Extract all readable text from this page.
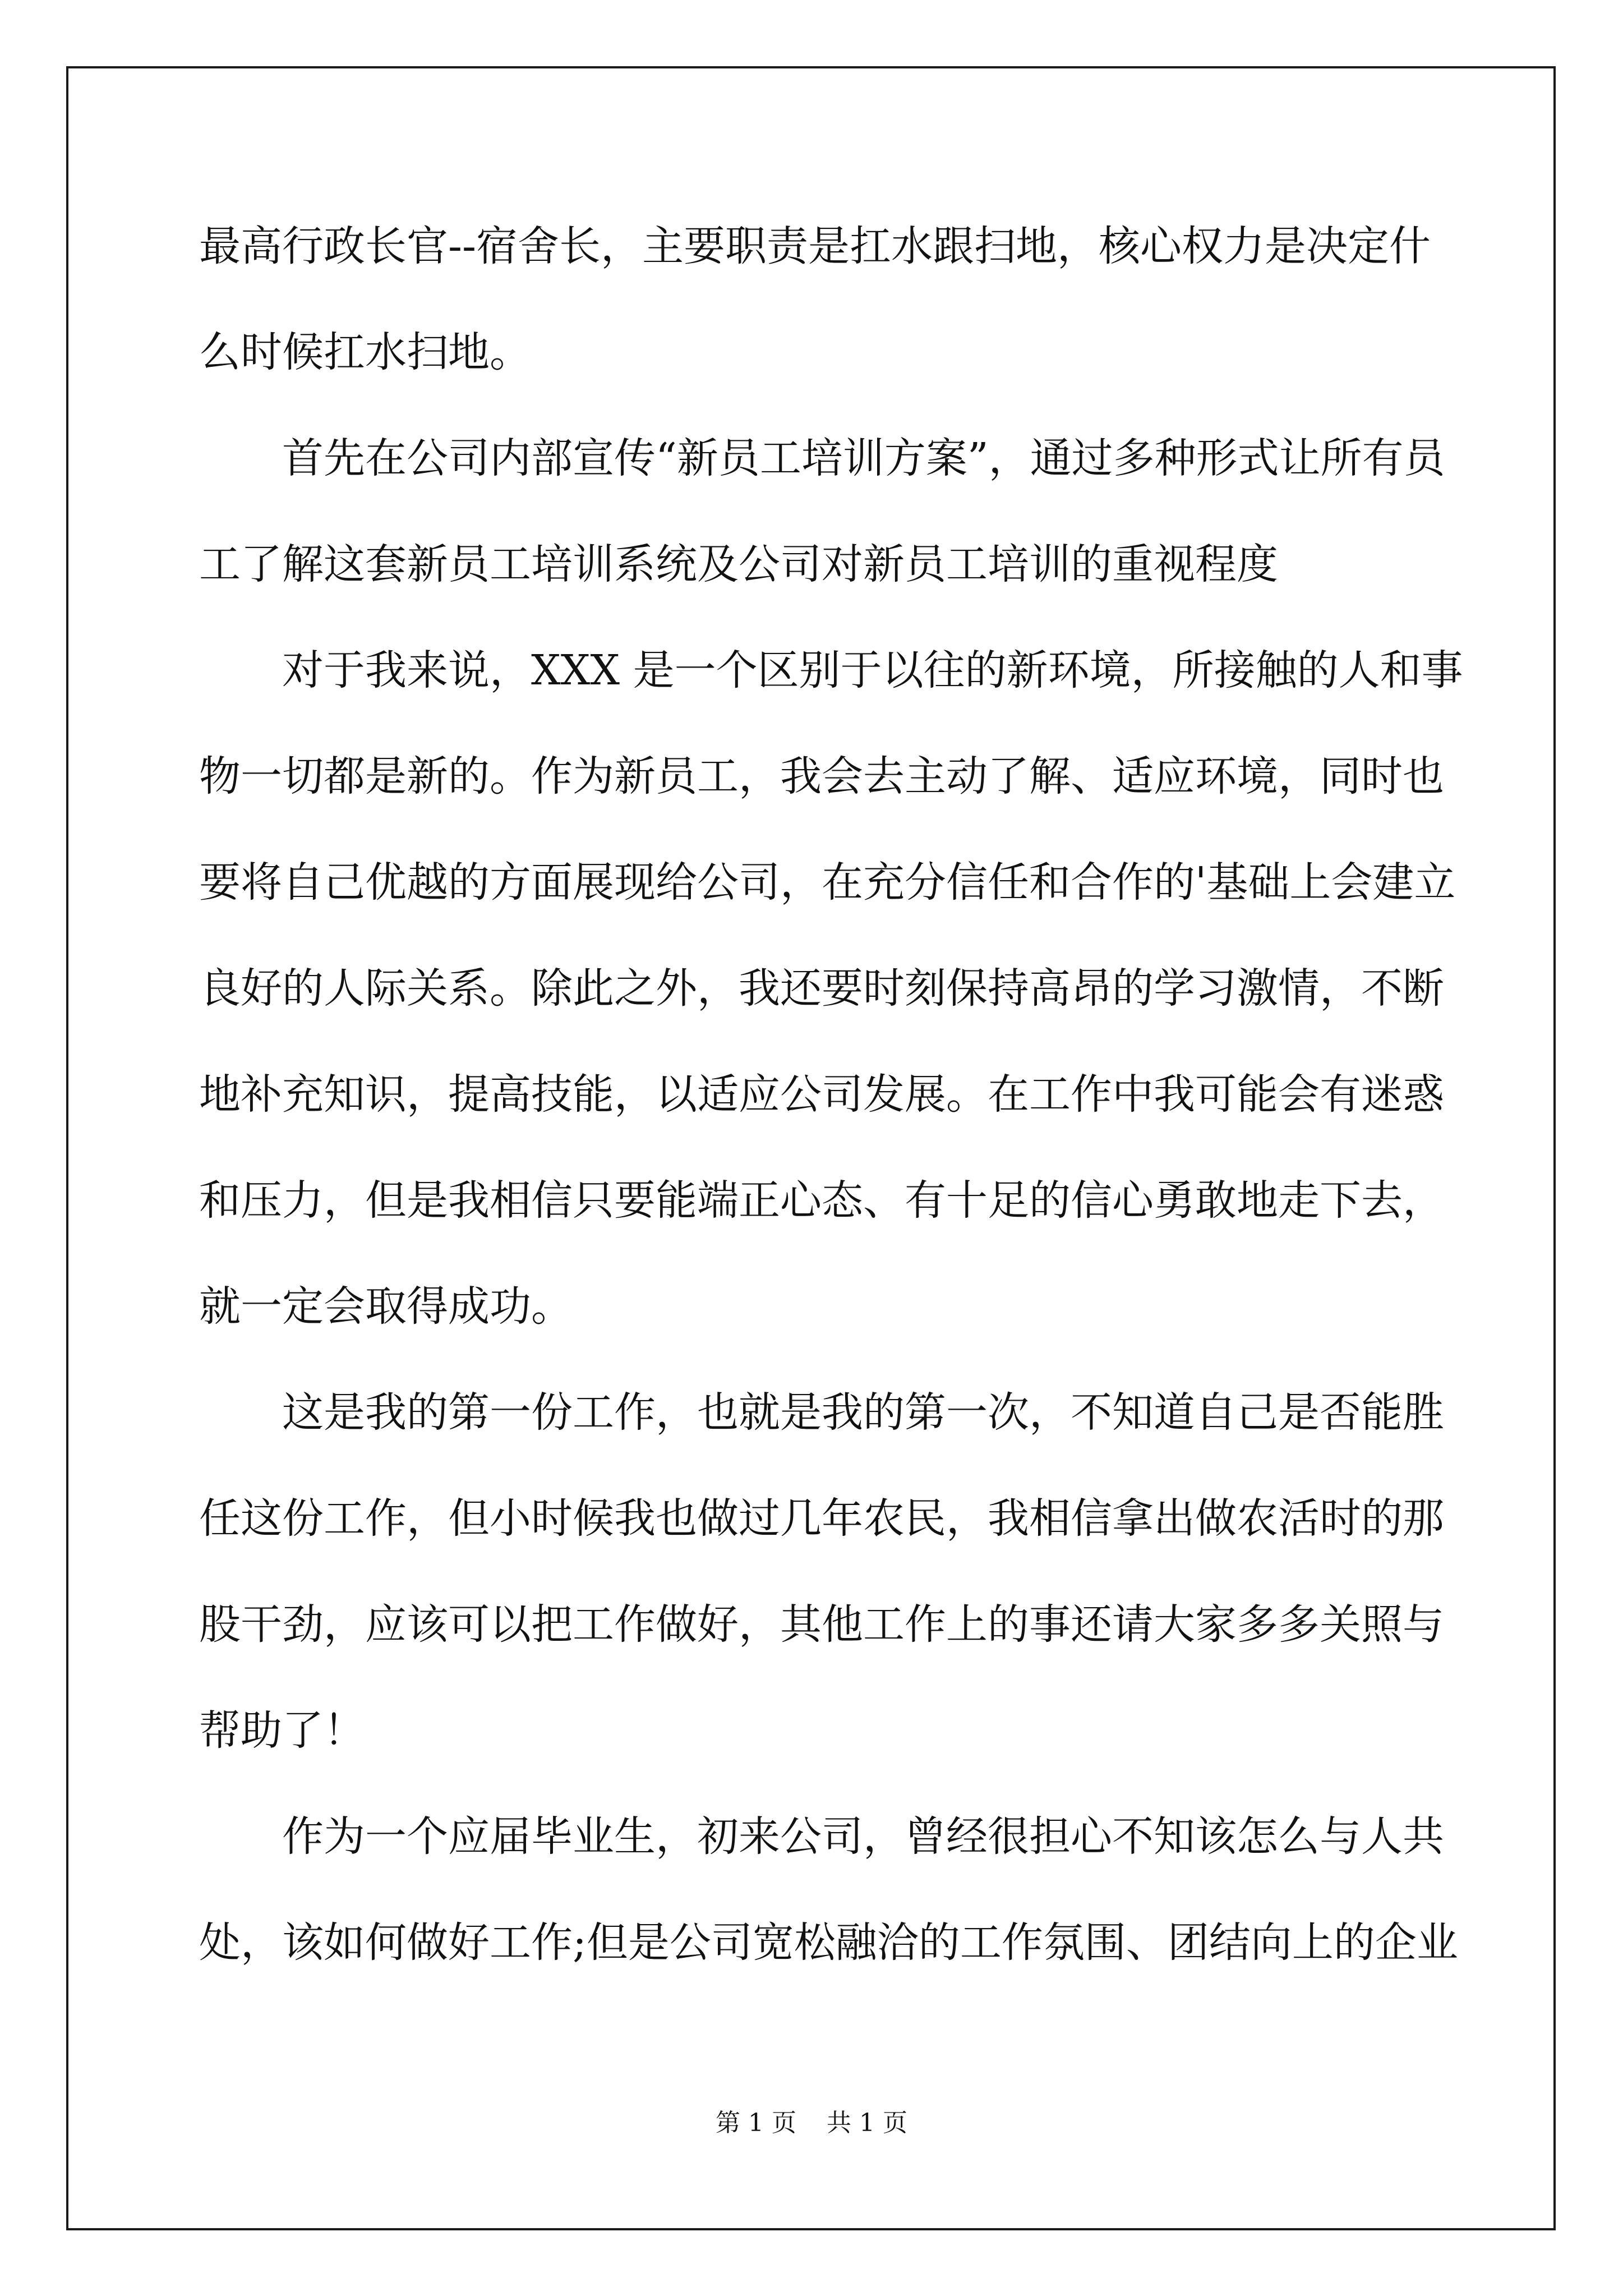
最高行政长官--宿舍长，主要职责是扛水跟扫地，核心权力是决定什
么时候扛水扫地。
首先在公司内部宣传“新员工培训方案”，通过多种形式让所有员
工了解这套新员工培训系统及公司对新员工培训的重视程度
对于我来说，XXX 是一个区别于以往的新环境，所接触的人和事
物一切都是新的。作为新员工，我会去主动了解、适应环境，同时也
要将自己优越的方面展现给公司，在充分信任和合作的'基础上会建立
良好的人际关系。除此之外，我还要时刻保持高昂的学习激情，不断
地补充知识，提高技能，以适应公司发展。在工作中我可能会有迷惑
和压力，但是我相信只要能端正心态、有十足的信心勇敢地走下去，
就一定会取得成功。
这是我的第一份工作，也就是我的第一次，不知道自己是否能胜
任这份工作，但小时候我也做过几年农民，我相信拿出做农活时的那
股干劲，应该可以把工作做好，其他工作上的事还请大家多多关照与
帮助了！
作为一个应届毕业生，初来公司，曾经很担心不知该怎么与人共
处，该如何做好工作;但是公司宽松融洽的工作氛围、团结向上的企业
第 1 页 共 1 页
